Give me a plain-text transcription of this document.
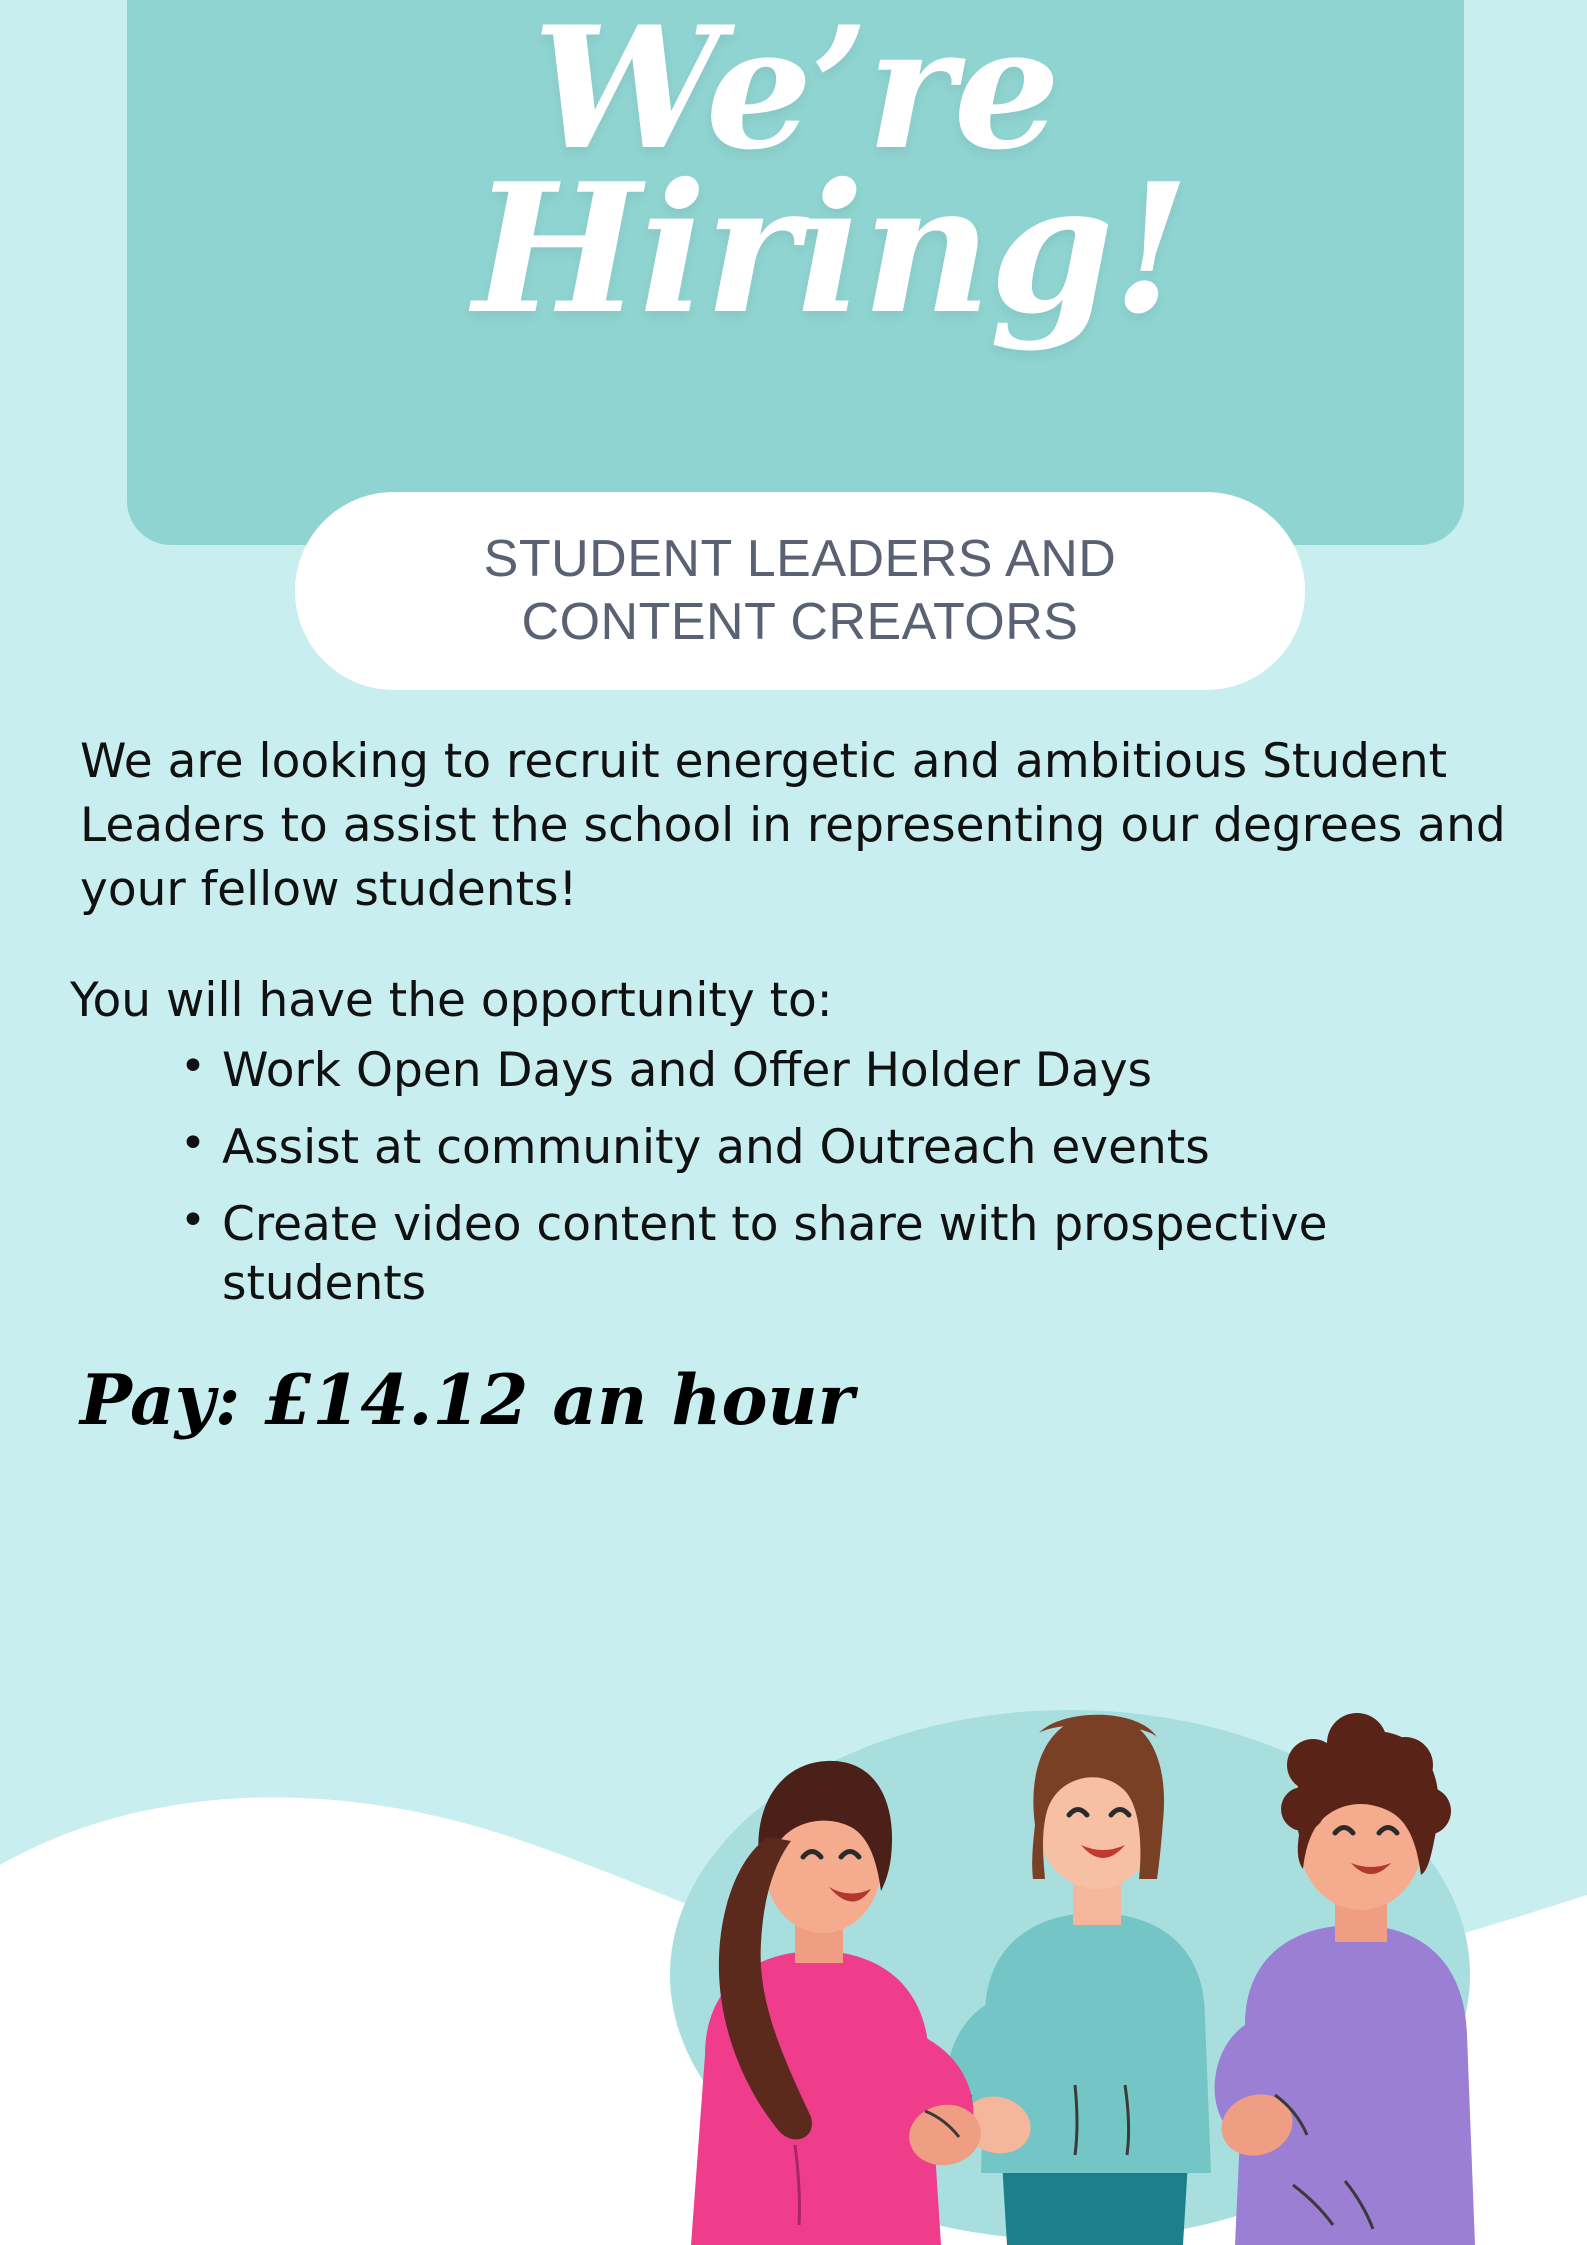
We’re
Hiring!
STUDENT LEADERS AND
CONTENT CREATORS

We are looking to recruit energetic and ambitious Student Leaders to assist the school in representing our degrees and your fellow students!

You will have the opportunity to:

• Work Open Days and Offer Holder Days
• Assist at community and Outreach events
• Create video content to share with prospective students

Pay: £14.12 an hour
